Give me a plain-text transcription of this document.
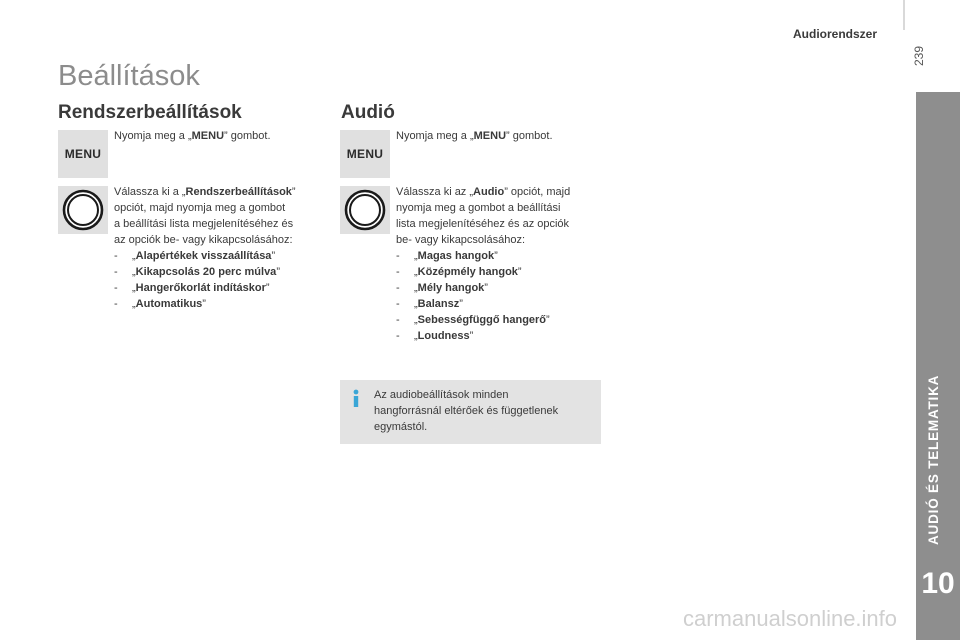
Audiorendszer
239
AUDIÓ ÉS TELEMATIKA
10
Beállítások
Rendszerbeállítások
MENU
Nyomja meg a „MENU” gombot.
Válassza ki a „Rendszerbeállítások”
opciót, majd nyomja meg a gombot
a beállítási lista megjelenítéséhez és
az opciók be- vagy kikapcsolásához:
-	„ Alapértékek visszaállítása ”
-	„ Kikapcsolás 20 perc múlva ”
-	„ Hangerőkorlát indításkor ”
-	„ Automatikus ”
Audió
MENU
Nyomja meg a „MENU” gombot.
Válassza ki az „Audio” opciót, majd
nyomja meg a gombot a beállítási
lista megjelenítéséhez és az opciók
be- vagy kikapcsolásához:
-	„ Magas hangok ”
-	„ Középmély hangok ”
-	„ Mély hangok ”
-	„ Balansz ”
-	„ Sebességfüggő hangerő ”
-	„ Loudness ”
Az audiobeállítások minden
hangforrásnál eltérőek és függetlenek
egymástól.
carmanualsonline.info
